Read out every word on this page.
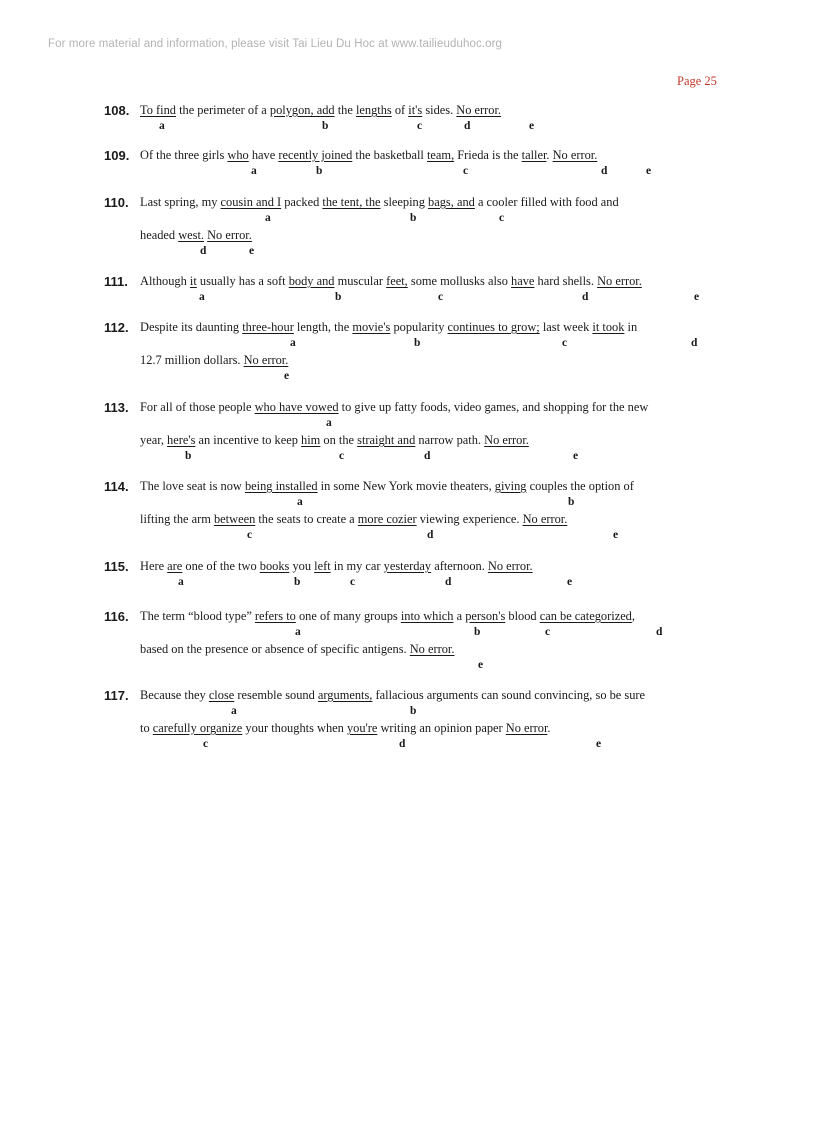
For more material and information, please visit Tai Lieu Du Hoc at www.tailieuduhoc.org
Page 25
108. To find the perimeter of a polygon, add the lengths of it's sides. No error.
a	b	c	d	e
109. Of the three girls who have recently joined the basketball team, Frieda is the taller. No error.
a	b	c	d	e
110. Last spring, my cousin and I packed the tent, the sleeping bags, and a cooler filled with food and
headed west. No error.
a	b	c
d	e
111. Although it usually has a soft body and muscular feet, some mollusks also have hard shells. No error.
a	b	c	d	e
112. Despite its daunting three-hour length, the movie's popularity continues to grow; last week it took in
12.7 million dollars. No error.
a	b	c	d
e
113. For all of those people who have vowed to give up fatty foods, video games, and shopping for the new
year, here's an incentive to keep him on the straight and narrow path. No error.
a
b	c	d	e
114. The love seat is now being installed in some New York movie theaters, giving couples the option of
lifting the arm between the seats to create a more cozier viewing experience. No error.
a	b
c	d	e
115. Here are one of the two books you left in my car yesterday afternoon. No error.
a	b	c	d	e
116. The term “blood type” refers to one of many groups into which a person's blood can be categorized,
based on the presence or absence of specific antigens. No error.
a	b	c	d
e
117. Because they close resemble sound arguments, fallacious arguments can sound convincing, so be sure
to carefully organize your thoughts when you're writing an opinion paper No error.
a	b
c	d	e
